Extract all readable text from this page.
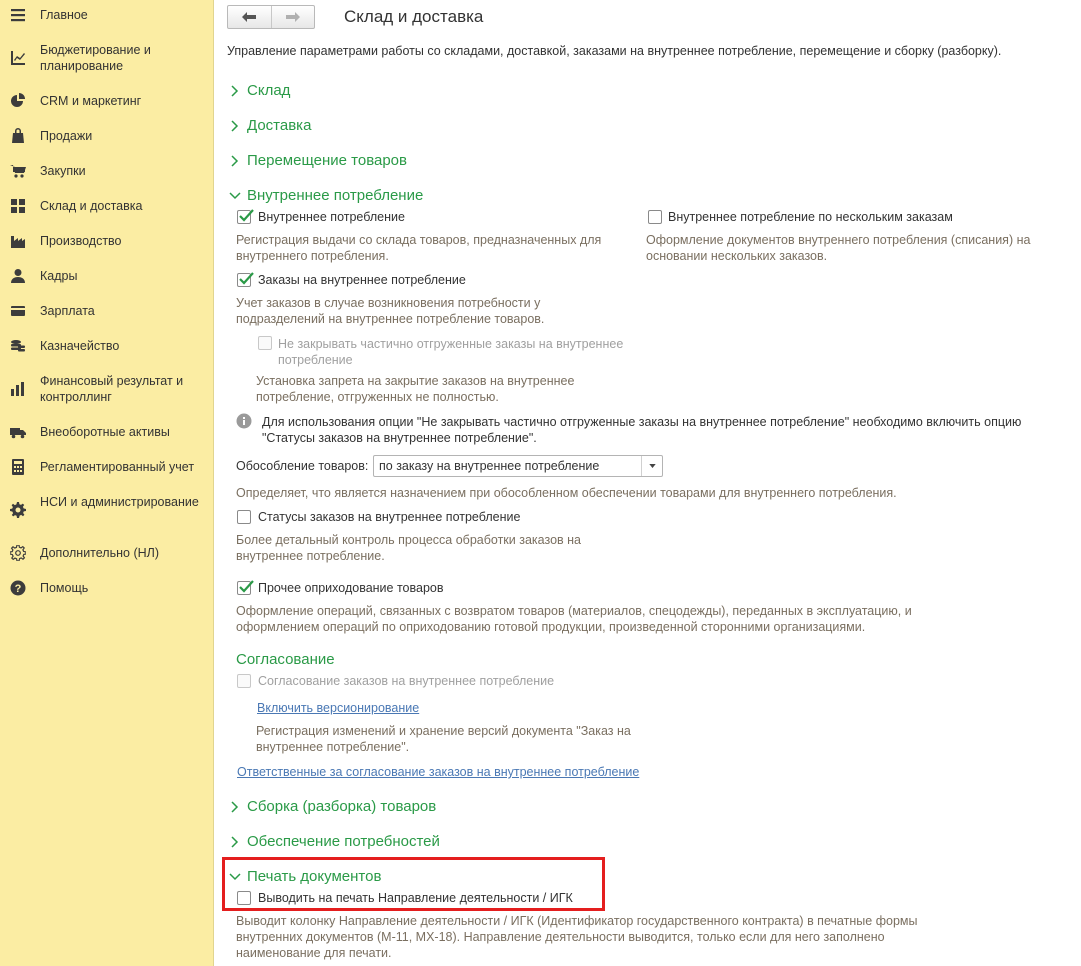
Главное
Бюджетирование и планирование
CRM и маркетинг
Продажи
Закупки
Склад и доставка
Производство
Кадры
Зарплата
Казначейство
Финансовый результат и контроллинг
Внеоборотные активы
Регламентированный учет
НСИ и администрирование
Дополнительно (НЛ)
? Помощь
Склад и доставка
Управление параметрами работы со складами, доставкой, заказами на внутреннее потребление, перемещение и сборку (разборку).
Склад
Доставка
Перемещение товаров
Внутреннее потребление
Внутреннее потребление
Регистрация выдачи со склада товаров, предназначенных для внутреннего потребления.
Внутреннее потребление по нескольким заказам
Оформление документов внутреннего потребления (списания) на основании нескольких заказов.
Заказы на внутреннее потребление
Учет заказов в случае возникновения потребности у подразделений на внутреннее потребление товаров.
Не закрывать частично отгруженные заказы на внутреннее потребление
Установка запрета на закрытие заказов на внутреннее потребление, отгруженных не полностью.
Для использования опции "Не закрывать частично отгруженные заказы на внутреннее потребление" необходимо включить опцию "Статусы заказов на внутреннее потребление".
Обособление товаров: по заказу на внутреннее потребление
Определяет, что является назначением при обособленном обеспечении товарами для внутреннего потребления.
Статусы заказов на внутреннее потребление
Более детальный контроль процесса обработки заказов на внутреннее потребление.
Прочее оприходование товаров
Оформление операций, связанных с возвратом товаров (материалов, спецодежды), переданных в эксплуатацию, и оформлением операций по оприходованию готовой продукции, произведенной сторонними организациями.
Согласование
Согласование заказов на внутреннее потребление
Включить версионирование
Регистрация изменений и хранение версий документа "Заказ на внутреннее потребление".
Ответственные за согласование заказов на внутреннее потребление
Сборка (разборка) товаров
Обеспечение потребностей
Печать документов
Выводить на печать Направление деятельности / ИГК
Выводит колонку Направление деятельности / ИГК (Идентификатор государственного контракта) в печатные формы внутренних документов (М-11, МХ-18). Направление деятельности выводится, только если для него заполнено наименование для печати.
